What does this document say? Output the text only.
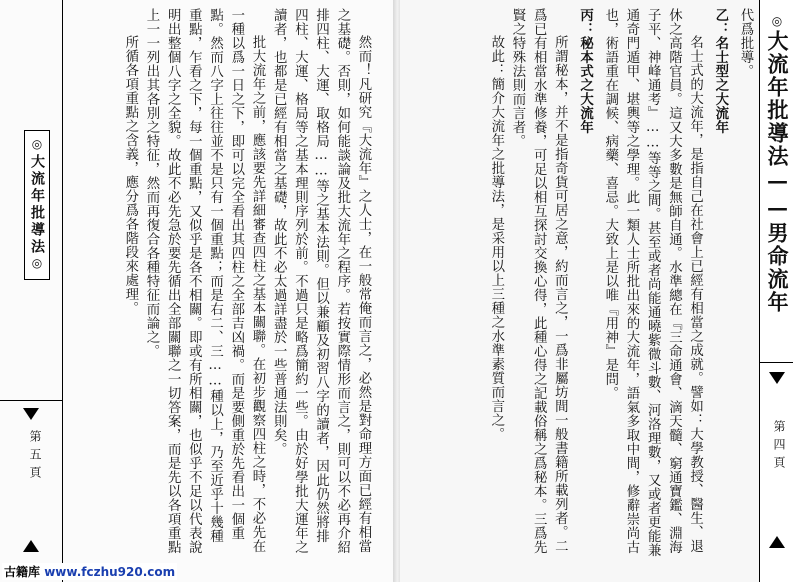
◎大流年批導法◎
第五頁	然而！凡研究『大流年』之人士，在一般常俺而言之，必然是對命理方面已經有相當之基礎。否則，如何能談論及批大流年之程序。若按實際情形而言之，則可以不必再介紹排四柱、大運、取格局……等之基本法則。但以兼顧及初習八字的讀者，因此仍然將排四柱、大運、格局等之基本理則序列於前。不過只是略爲簡約一些。由於好學批大運年之讀者，也都是已經有相當之基礎，故此不必太過詳盡於一些普通法則矣。

批大流年之前，應該要先詳細審查四柱之基本關聯。在初步觀察四柱之時，不必先在一種以爲一日之下，即可以完全看出其四柱之全部吉凶禍。而是要側重於先看出一個重點。然而八字上往往並不是只有一個重點；而是右二、三……種以上，乃至近乎十幾種重點，乍看之下，每一個重點，又似乎是各不相關。即或有所相關，也似乎不足以代表說明出整個八字之全貌。故此不必先急於要先循出全部關聯之一切答案，而是先以各項重點上一一列出其各別之特征，然而再復合各種特征而論之。

所循各項重點之含義，應分爲各階段來處理。

古籍库 www.fczhu920.com

代爲批導。

乙：名士型之大流年

名士式的大流年，是指自己在社會上已經有相當之成就。譬如：大學教授、醫生、退休之高階官員。這又大多數是無師自通。水準總在『三命通會、滴天髓、窮通寶鑑、淵海子平、神峰通考』……等等之間。甚至或者尚能通曉紫微斗數、河洛理數，又或者更能兼通奇門遁甲、堪輿等之學理。此一類人士所批出來的大流年，語氣多取中間，修辭崇尚古也，術語重在調候、病藥、喜忌。大致上是以唯『用神』是問。

丙：秘本式之大流年

所謂秘本，并不是指奇貨可居之意，約而言之，一爲非屬坊間一般書籍所載列者。二爲已有相當水準修養，可足以相互探討交換心得，此種心得之記載俗稱之爲秘本。三爲先賢之特殊法則而言者。

故此：簡介大流年之批導法，是采用以上三種之水準素質而言之。

◎大流年批導法——男命流年
第四頁
